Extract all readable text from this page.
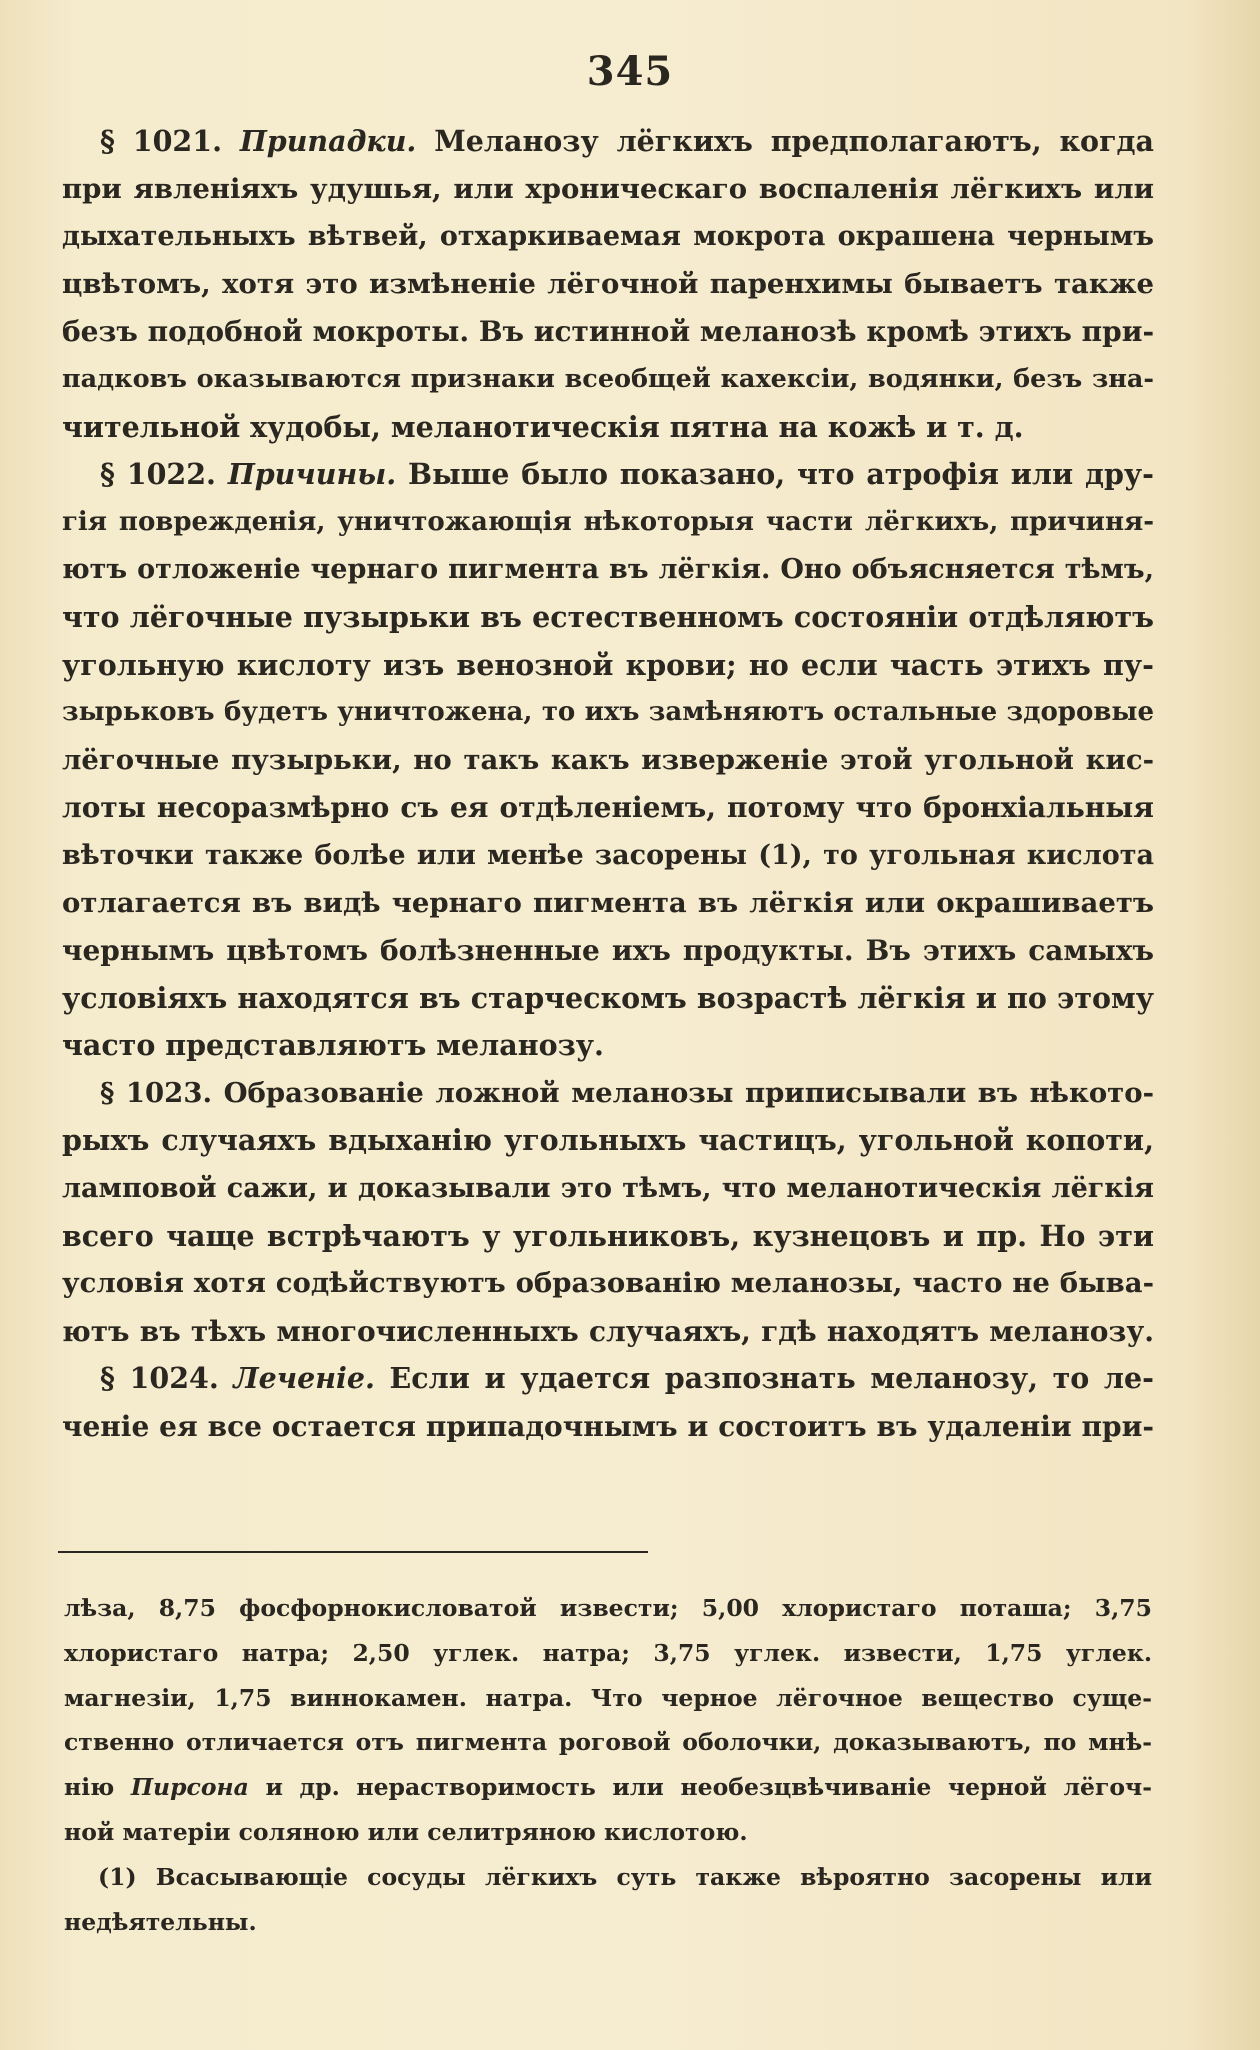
345
§ 1021. Припадки. Меланозу лёгкихъ предполагаютъ, когда
при явленіяхъ удушья, или хроническаго воспаленія лёгкихъ или
дыхательныхъ вѣтвей, отхаркиваемая мокрота окрашена чернымъ
цвѣтомъ, хотя это измѣненіе лёгочной паренхимы бываетъ также
безъ подобной мокроты. Въ истинной меланозѣ кромѣ этихъ при-
падковъ оказываются признаки всеобщей кахексіи, водянки, безъ зна-
чительной худобы, меланотическія пятна на кожѣ и т. д.
§ 1022. Причины. Выше было показано, что атрофія или дру-
гія поврежденія, уничтожающія нѣкоторыя части лёгкихъ, причиня-
ютъ отложеніе чернаго пигмента въ лёгкія. Оно объясняется тѣмъ,
что лёгочные пузырьки въ естественномъ состояніи отдѣляютъ
угольную кислоту изъ венозной крови; но если часть этихъ пу-
зырьковъ будетъ уничтожена, то ихъ замѣняютъ остальные здоровые
лёгочные пузырьки, но такъ какъ изверженіе этой угольной кис-
лоты несоразмѣрно съ ея отдѣленіемъ, потому что бронхіальныя
вѣточки также болѣе или менѣе засорены (1), то угольная кислота
отлагается въ видѣ чернаго пигмента въ лёгкія или окрашиваетъ
чернымъ цвѣтомъ болѣзненные ихъ продукты. Въ этихъ самыхъ
условіяхъ находятся въ старческомъ возрастѣ лёгкія и по этому
часто представляютъ меланозу.
§ 1023. Образованіе ложной меланозы приписывали въ нѣкото-
рыхъ случаяхъ вдыханію угольныхъ частицъ, угольной копоти,
ламповой сажи, и доказывали это тѣмъ, что меланотическія лёгкія
всего чаще встрѣчаютъ у угольниковъ, кузнецовъ и пр. Но эти
условія хотя содѣйствуютъ образованію меланозы, часто не быва-
ютъ въ тѣхъ многочисленныхъ случаяхъ, гдѣ находятъ меланозу.
§ 1024. Леченіе. Если и удается разпознать меланозу, то ле-
ченіе ея все остается припадочнымъ и состоитъ въ удаленіи при-
лѣза, 8,75 фосфорнокисловатой извести; 5,00 хлористаго поташа; 3,75
хлористаго натра; 2,50 углек. натра; 3,75 углек. извести, 1,75 углек.
магнезіи, 1,75 виннокамен. натра. Что черное лёгочное вещество суще-
ственно отличается отъ пигмента роговой оболочки, доказываютъ, по мнѣ-
нію Пирсона и др. нерастворимость или необезцвѣчиваніе черной лёгоч-
ной матеріи соляною или селитряною кислотою.
(1) Всасывающіе сосуды лёгкихъ суть также вѣроятно засорены или
недѣятельны.
